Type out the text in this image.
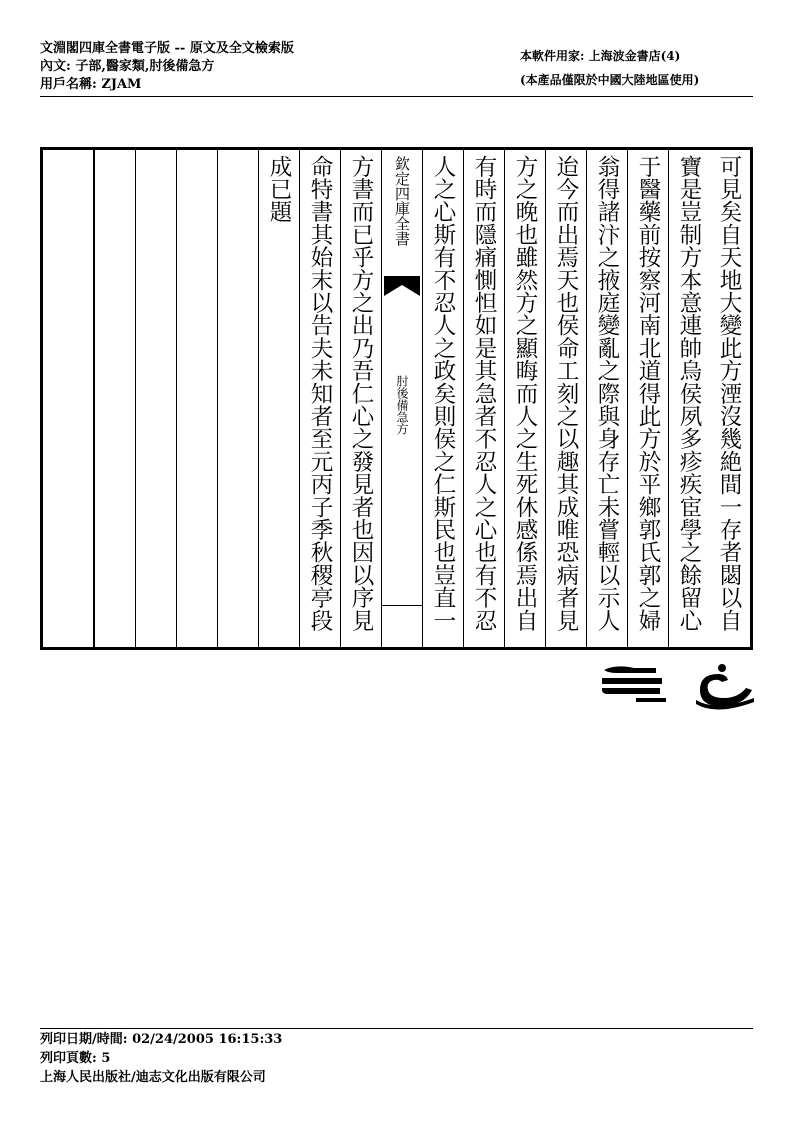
文淵閣四庫全書電子版 -- 原文及全文檢索版
內文: 子部,醫家類,肘後備急方
用戶名稱: ZJAM
本軟件用家: 上海波金書店(4)
(本產品僅限於中國大陸地區使用)
可見矣自天地大變此方湮沒幾絶間一存者閟以自
寶是豈制方本意連帥烏侯夙多疹疾宦學之餘留心
于醫藥前按察河南北道得此方於平鄉郭氏郭之婦
翁得諸汴之掖庭變亂之際與身存亡未嘗輕以示人
迨今而出焉天也侯命工刻之以趣其成唯恐病者見
方之晚也雖然方之顯晦而人之生死休感係焉出自
有時而隱痛惻怛如是其急者不忍人之心也有不忍
人之心斯有不忍人之政矣則侯之仁斯民也豈直一
欽定四庫全書
肘後備急方
方書而已乎方之出乃吾仁心之發見者也因以序見
命特書其始末以告夫未知者至元丙子季秋稷亭段
成已題
列印日期/時間: 02/24/2005 16:15:33
列印頁數: 5
上海人民出版社/迪志文化出版有限公司
